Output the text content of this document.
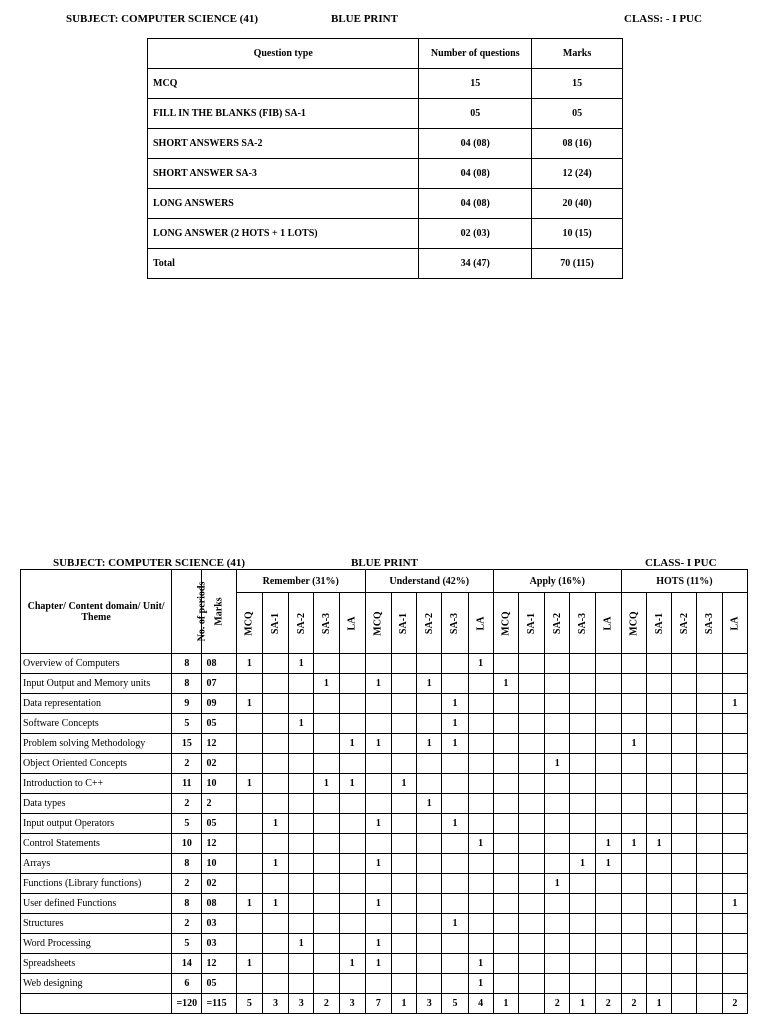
SUBJECT: COMPUTER SCIENCE (41)	BLUE PRINT	CLASS: - I PUC
Question type	Number of questions	Marks
MCQ	15	15
FILL IN THE BLANKS (FIB) SA-1	05	05
SHORT ANSWERS SA-2	04 (08)	08 (16)
SHORT ANSWER SA-3	04 (08)	12 (24)
LONG ANSWERS	04 (08)	20 (40)
LONG ANSWER (2 HOTS + 1 LOTS)	02 (03)	10 (15)
Total	34 (47)	70 (115)
SUBJECT: COMPUTER SCIENCE (41)	BLUE PRINT	CLASS- I PUC
Chapter/ Content domain/ Unit/ Theme	No. of periods	Marks	Remember (31%)					Understand (42%)					Apply (16%)					HOTS (11%)				
			MCQ	SA-1	SA-2	SA-3	LA	MCQ	SA-1	SA-2	SA-3	LA	MCQ	SA-1	SA-2	SA-3	LA	MCQ	SA-1	SA-2	SA-3	LA
Overview of Computers	8	08	1		1							1										
Input Output and Memory units	8	07				1		1		1			1									
Data representation	9	09	1								1											1
Software Concepts	5	05			1						1											
Problem solving Methodology	15	12					1	1		1	1							1				
Object Oriented Concepts	2	02													1							
Introduction to C++	11	10	1			1	1		1													
Data types	2	2								1												
Input output Operators	5	05		1				1			1											
Control Statements	10	12										1					1	1	1			
Arrays	8	10		1				1								1	1					
Functions (Library functions)	2	02													1							
User defined Functions	8	08	1	1				1														1
Structures	2	03									1											
Word Processing	5	03			1			1														
Spreadsheets	14	12	1				1	1				1										
Web designing	6	05										1										
	=120	=115	5	3	3	2	3	7	1	3	5	4	1		2	1	2	2	1			2
